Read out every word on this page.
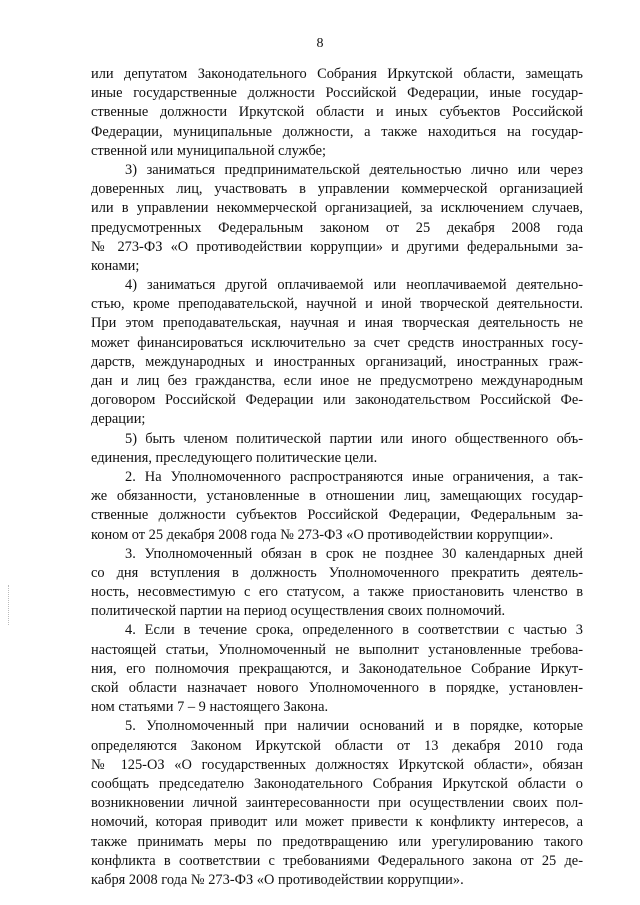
8
или депутатом Законодательного Собрания Иркутской области, замещать
иные государственные должности Российской Федерации, иные государ-
ственные должности Иркутской области и иных субъектов Российской
Федерации, муниципальные должности, а также находиться на государ-
ственной или муниципальной службе;
3) заниматься предпринимательской деятельностью лично или через
доверенных лиц, участвовать в управлении коммерческой организацией
или в управлении некоммерческой организацией, за исключением случаев,
предусмотренных Федеральным законом от 25 декабря 2008 года
№ 273-ФЗ «О противодействии коррупции» и другими федеральными за-
конами;
4) заниматься другой оплачиваемой или неоплачиваемой деятельно-
стью, кроме преподавательской, научной и иной творческой деятельности.
При этом преподавательская, научная и иная творческая деятельность не
может финансироваться исключительно за счет средств иностранных госу-
дарств, международных и иностранных организаций, иностранных граж-
дан и лиц без гражданства, если иное не предусмотрено международным
договором Российской Федерации или законодательством Российской Фе-
дерации;
5) быть членом политической партии или иного общественного объ-
единения, преследующего политические цели.
2. На Уполномоченного распространяются иные ограничения, а так-
же обязанности, установленные в отношении лиц, замещающих государ-
ственные должности субъектов Российской Федерации, Федеральным за-
коном от 25 декабря 2008 года № 273-ФЗ «О противодействии коррупции».
3. Уполномоченный обязан в срок не позднее 30 календарных дней
со дня вступления в должность Уполномоченного прекратить деятель-
ность, несовместимую с его статусом, а также приостановить членство в
политической партии на период осуществления своих полномочий.
4. Если в течение срока, определенного в соответствии с частью 3
настоящей статьи, Уполномоченный не выполнит установленные требова-
ния, его полномочия прекращаются, и Законодательное Собрание Иркут-
ской области назначает нового Уполномоченного в порядке, установлен-
ном статьями 7 – 9 настоящего Закона.
5. Уполномоченный при наличии оснований и в порядке, которые
определяются Законом Иркутской области от 13 декабря 2010 года
№ 125-ОЗ «О государственных должностях Иркутской области», обязан
сообщать председателю Законодательного Собрания Иркутской области о
возникновении личной заинтересованности при осуществлении своих пол-
номочий, которая приводит или может привести к конфликту интересов, а
также принимать меры по предотвращению или урегулированию такого
конфликта в соответствии с требованиями Федерального закона от 25 де-
кабря 2008 года № 273-ФЗ «О противодействии коррупции».
